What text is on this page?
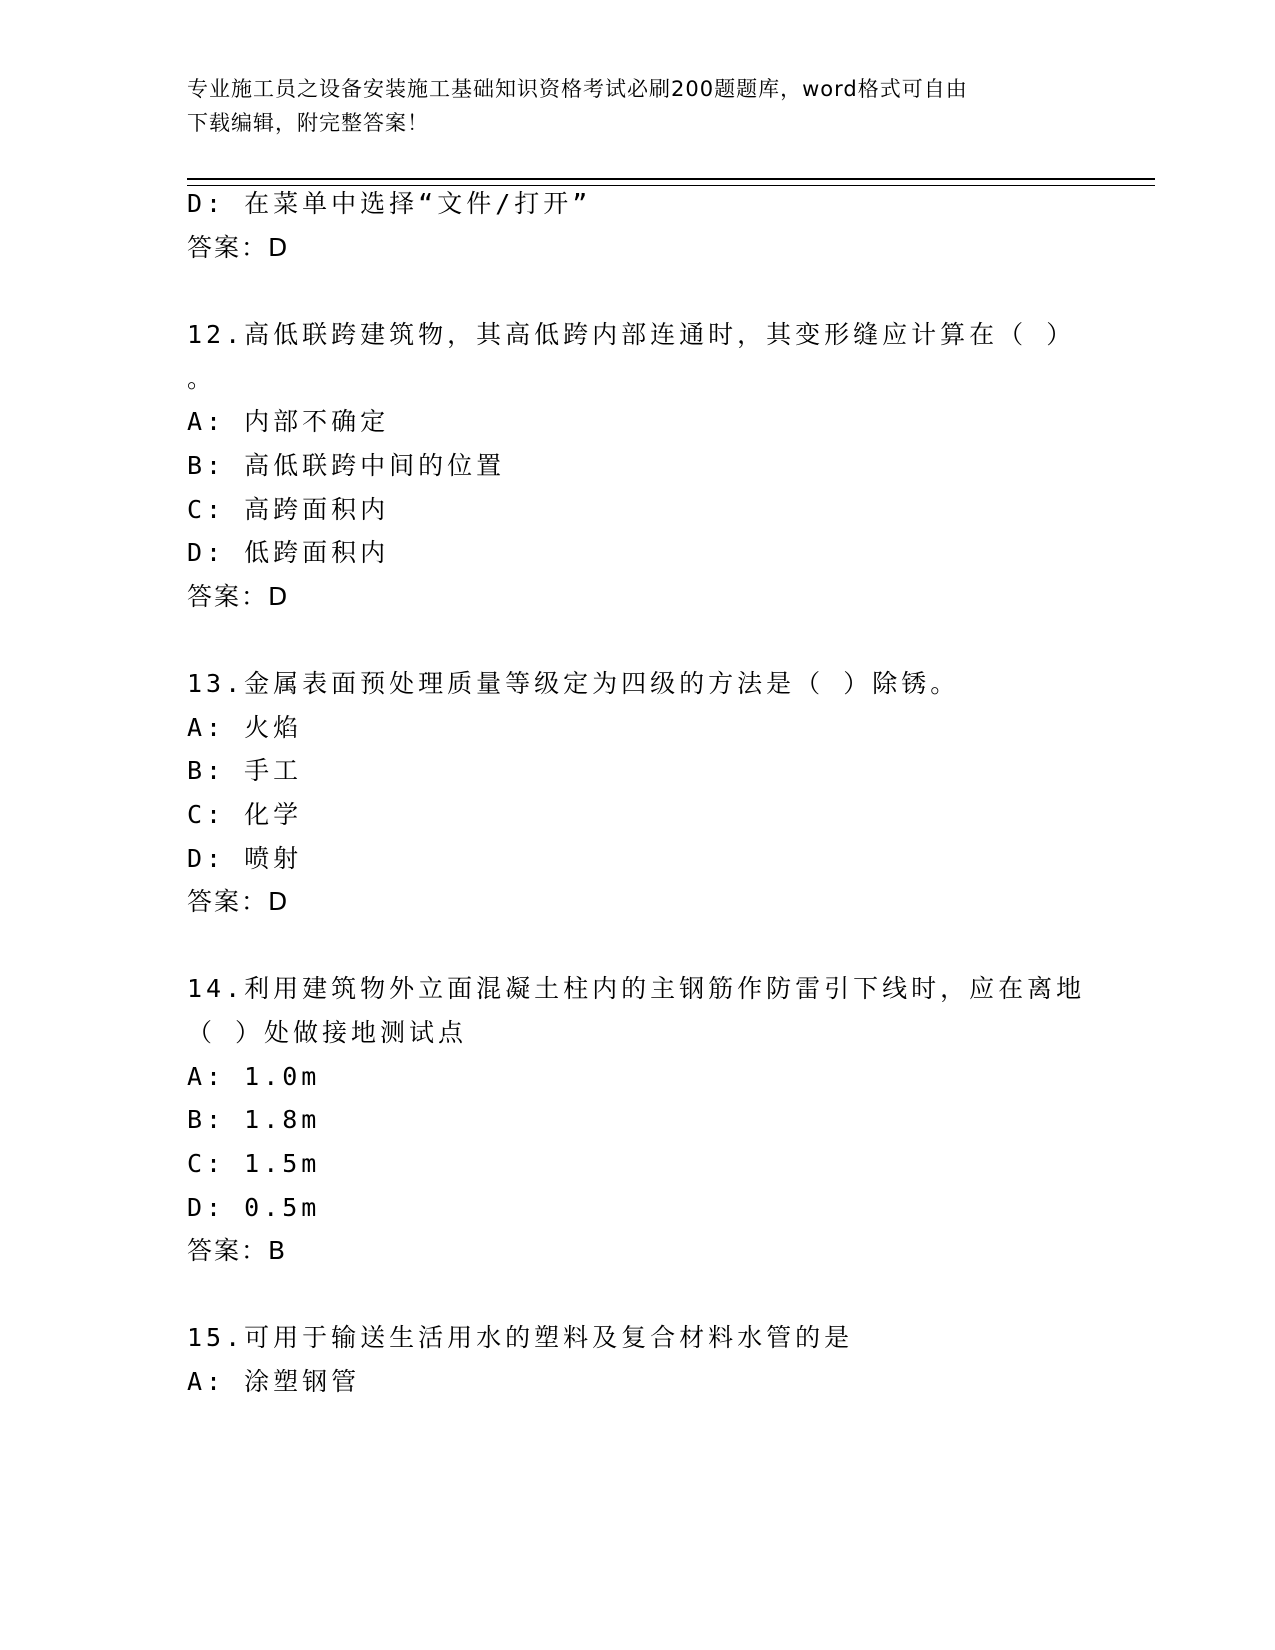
专业施工员之设备安装施工基础知识资格考试必刷200题题库，word格式可自由
下载编辑，附完整答案！
D: 在菜单中选择“文件/打开”
答案：D
12.高低联跨建筑物，其高低跨内部连通时，其变形缝应计算在（ ）
。
A: 内部不确定
B: 高低联跨中间的位置
C: 高跨面积内
D: 低跨面积内
答案：D
13.金属表面预处理质量等级定为四级的方法是（ ）除锈。
A: 火焰
B: 手工
C: 化学
D: 喷射
答案：D
14.利用建筑物外立面混凝土柱内的主钢筋作防雷引下线时，应在离地
（ ）处做接地测试点
A: 1.0m
B: 1.8m
C: 1.5m
D: 0.5m
答案：B
15.可用于输送生活用水的塑料及复合材料水管的是
A: 涂塑钢管
